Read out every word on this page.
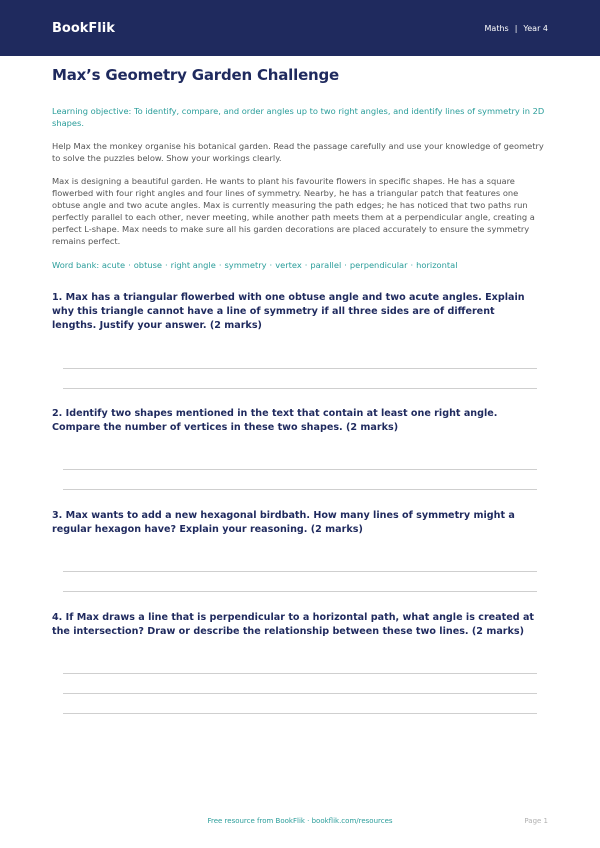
BookFlik	Maths | Year 4
Max’s Geometry Garden Challenge

Learning objective: To identify, compare, and order angles up to two right angles, and identify lines of symmetry in 2D shapes.

Help Max the monkey organise his botanical garden. Read the passage carefully and use your knowledge of geometry to solve the puzzles below. Show your workings clearly.

Max is designing a beautiful garden. He wants to plant his favourite flowers in specific shapes. He has a square flowerbed with four right angles and four lines of symmetry. Nearby, he has a triangular patch that features one obtuse angle and two acute angles. Max is currently measuring the path edges; he has noticed that two paths run perfectly parallel to each other, never meeting, while another path meets them at a perpendicular angle, creating a perfect L-shape. Max needs to make sure all his garden decorations are placed accurately to ensure the symmetry remains perfect.

Word bank: acute · obtuse · right angle · symmetry · vertex · parallel · perpendicular · horizontal

1. Max has a triangular flowerbed with one obtuse angle and two acute angles. Explain why this triangle cannot have a line of symmetry if all three sides are of different lengths. Justify your answer. (2 marks)
2. Identify two shapes mentioned in the text that contain at least one right angle. Compare the number of vertices in these two shapes. (2 marks)
3. Max wants to add a new hexagonal birdbath. How many lines of symmetry might a regular hexagon have? Explain your reasoning. (2 marks)
4. If Max draws a line that is perpendicular to a horizontal path, what angle is created at the intersection? Draw or describe the relationship between these two lines. (2 marks)
Free resource from BookFlik · bookflik.com/resources	Page 1
